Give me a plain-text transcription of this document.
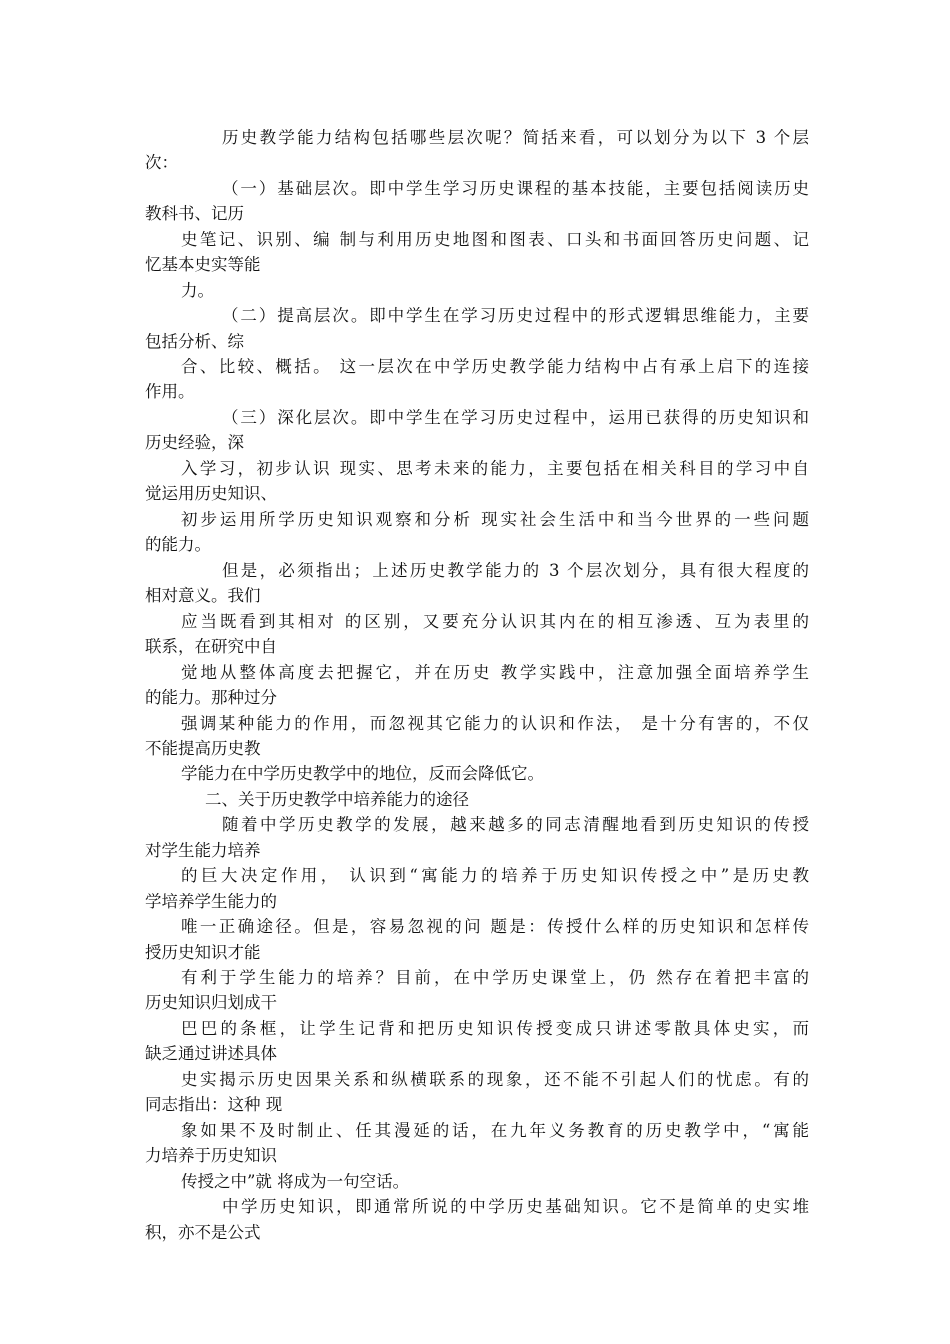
历史教学能力结构包括哪些层次呢？简括来看，可以划分为以下 3 个层
次：
（一）基础层次。即中学生学习历史课程的基本技能，主要包括阅读历史
教科书、记历
史笔记、识别、编 制与利用历史地图和图表、口头和书面回答历史问题、记
忆基本史实等能
力。
（二）提高层次。即中学生在学习历史过程中的形式逻辑思维能力，主要
包括分析、综
合、比较、概括。 这一层次在中学历史教学能力结构中占有承上启下的连接
作用。
（三）深化层次。即中学生在学习历史过程中，运用已获得的历史知识和
历史经验，深
入学习，初步认识 现实、思考未来的能力，主要包括在相关科目的学习中自
觉运用历史知识、
初步运用所学历史知识观察和分析 现实社会生活中和当今世界的一些问题
的能力。
但是，必须指出；上述历史教学能力的 3 个层次划分，具有很大程度的
相对意义。我们
应当既看到其相对 的区别，又要充分认识其内在的相互渗透、互为表里的
联系，在研究中自
觉地从整体高度去把握它，并在历史 教学实践中，注意加强全面培养学生
的能力。那种过分
强调某种能力的作用，而忽视其它能力的认识和作法， 是十分有害的，不仅
不能提高历史教
学能力在中学历史教学中的地位，反而会降低它。
二、关于历史教学中培养能力的途径
随着中学历史教学的发展，越来越多的同志清醒地看到历史知识的传授
对学生能力培养
的巨大决定作用， 认识到“寓能力的培养于历史知识传授之中”是历史教
学培养学生能力的
唯一正确途径。但是，容易忽视的问 题是：传授什么样的历史知识和怎样传
授历史知识才能
有利于学生能力的培养？目前，在中学历史课堂上，仍 然存在着把丰富的
历史知识归划成干
巴巴的条框，让学生记背和把历史知识传授变成只讲述零散具体史实，而
缺乏通过讲述具体
史实揭示历史因果关系和纵横联系的现象，还不能不引起人们的忧虑。有的
同志指出：这种 现
象如果不及时制止、任其漫延的话，在九年义务教育的历史教学中，“寓能
力培养于历史知识
传授之中”就 将成为一句空话。
中学历史知识，即通常所说的中学历史基础知识。它不是简单的史实堆
积，亦不是公式
